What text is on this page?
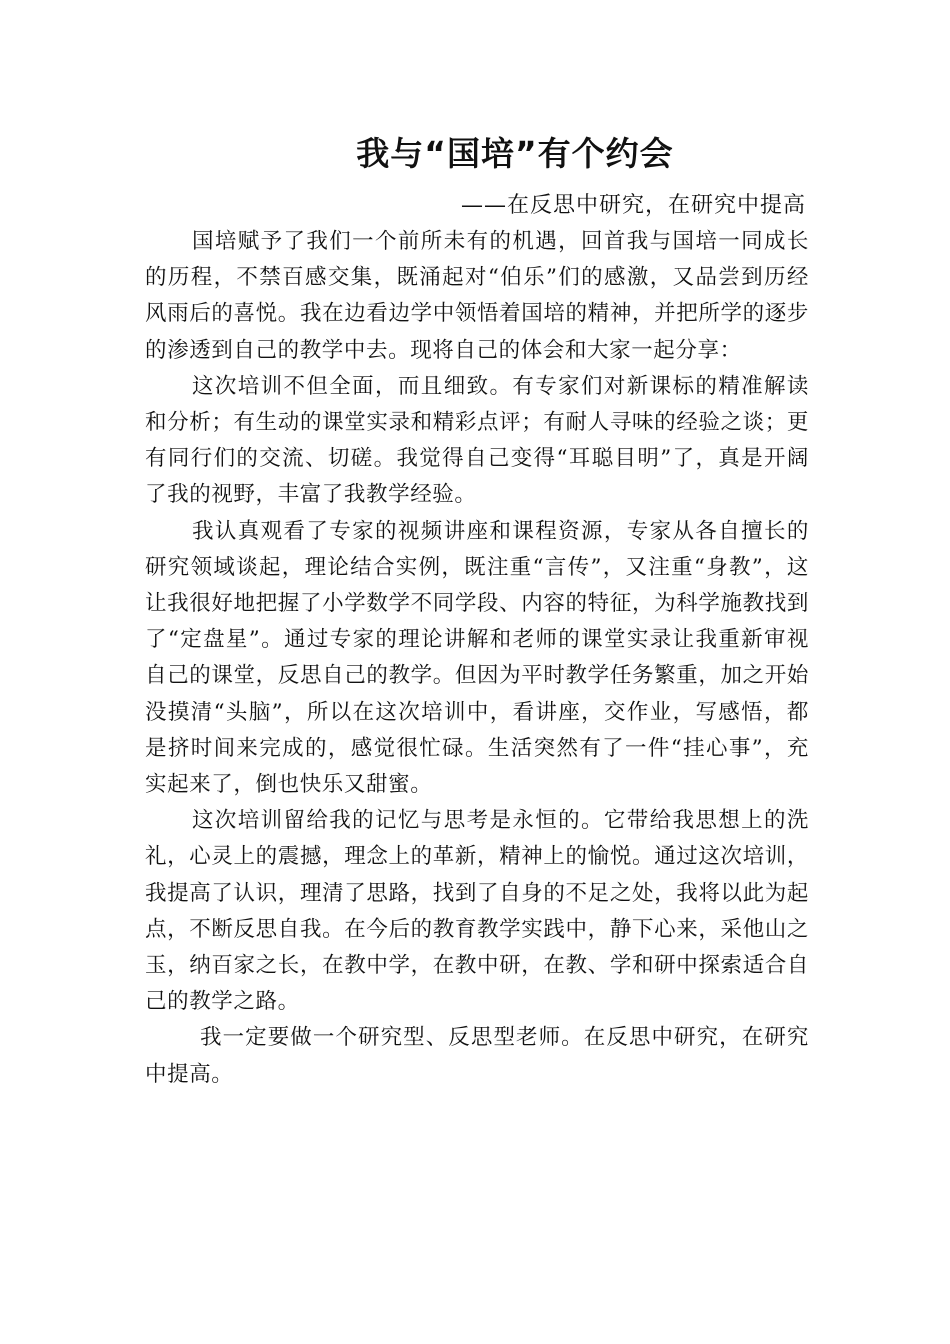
我与“国培”有个约会

——在反思中研究，在研究中提高

国培赋予了我们一个前所未有的机遇，回首我与国培一同成长的历程，不禁百感交集，既涌起对“伯乐”们的感激，又品尝到历经风雨后的喜悦。我在边看边学中领悟着国培的精神，并把所学的逐步的渗透到自己的教学中去。现将自己的体会和大家一起分享：

这次培训不但全面，而且细致。有专家们对新课标的精准解读和分析；有生动的课堂实录和精彩点评；有耐人寻味的经验之谈；更有同行们的交流、切磋。我觉得自己变得“耳聪目明”了，真是开阔了我的视野，丰富了我教学经验。

我认真观看了专家的视频讲座和课程资源，专家从各自擅长的研究领域谈起，理论结合实例，既注重“言传”，又注重“身教”，这让我很好地把握了小学数学不同学段、内容的特征，为科学施教找到了“定盘星”。通过专家的理论讲解和老师的课堂实录让我重新审视自己的课堂，反思自己的教学。但因为平时教学任务繁重，加之开始没摸清“头脑”，所以在这次培训中，看讲座，交作业，写感悟，都是挤时间来完成的，感觉很忙碌。生活突然有了一件“挂心事”，充实起来了，倒也快乐又甜蜜。

这次培训留给我的记忆与思考是永恒的。它带给我思想上的洗礼，心灵上的震撼，理念上的革新，精神上的愉悦。通过这次培训，我提高了认识，理清了思路，找到了自身的不足之处，我将以此为起点，不断反思自我。在今后的教育教学实践中，静下心来，采他山之玉，纳百家之长，在教中学，在教中研，在教、学和研中探索适合自己的教学之路。

我一定要做一个研究型、反思型老师。在反思中研究，在研究中提高。
